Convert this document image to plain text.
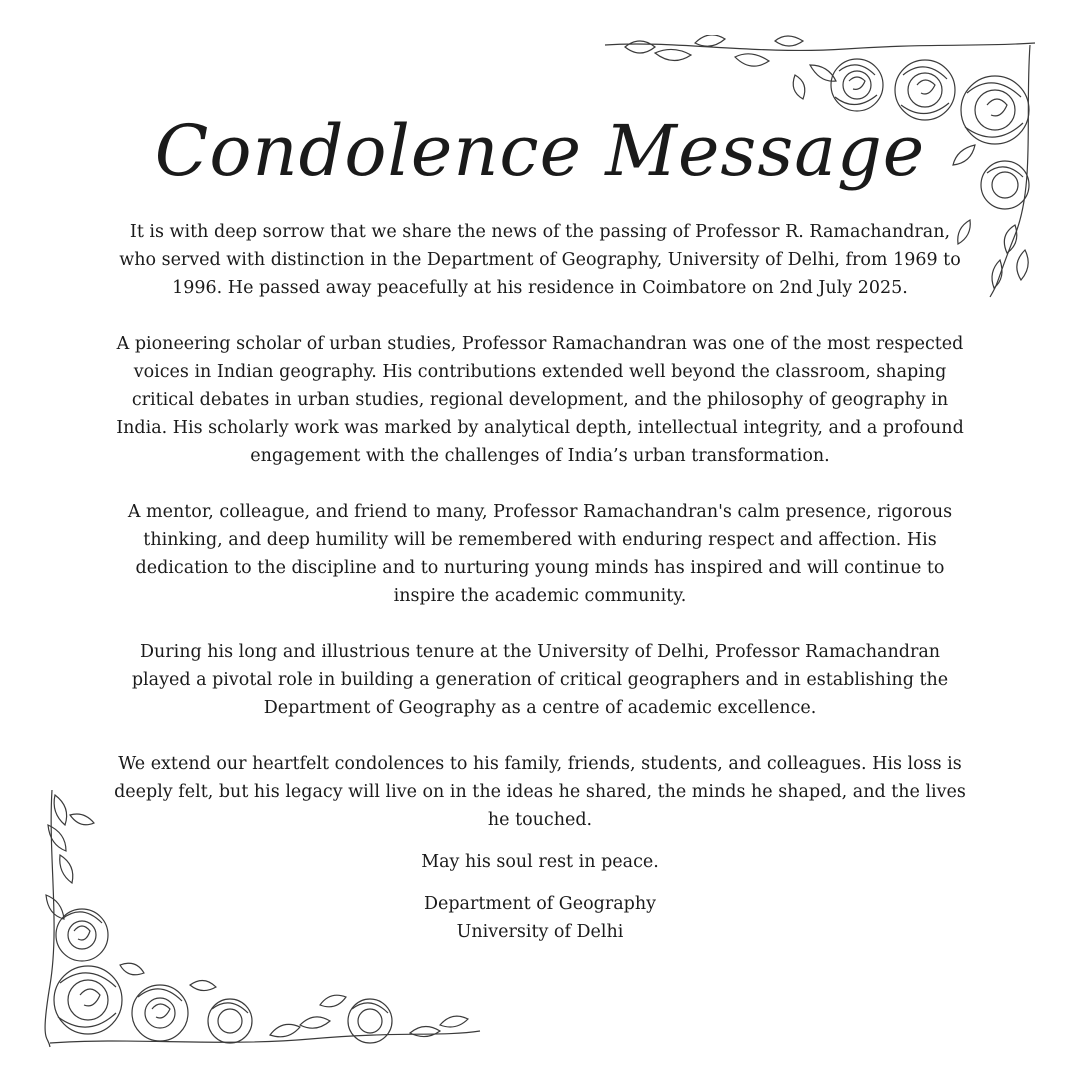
Condolence Message

It is with deep sorrow that we share the news of the passing of Professor R. Ramachandran, who served with distinction in the Department of Geography, University of Delhi, from 1969 to 1996. He passed away peacefully at his residence in Coimbatore on 2nd July 2025.

A pioneering scholar of urban studies, Professor Ramachandran was one of the most respected voices in Indian geography. His contributions extended well beyond the classroom, shaping critical debates in urban studies, regional development, and the philosophy of geography in India. His scholarly work was marked by analytical depth, intellectual integrity, and a profound engagement with the challenges of India’s urban transformation.

A mentor, colleague, and friend to many, Professor Ramachandran's calm presence, rigorous thinking, and deep humility will be remembered with enduring respect and affection. His dedication to the discipline and to nurturing young minds has inspired and will continue to inspire the academic community.

During his long and illustrious tenure at the University of Delhi, Professor Ramachandran played a pivotal role in building a generation of critical geographers and in establishing the Department of Geography as a centre of academic excellence.

We extend our heartfelt condolences to his family, friends, students, and colleagues. His loss is deeply felt, but his legacy will live on in the ideas he shared, the minds he shaped, and the lives he touched.

May his soul rest in peace.

Department of Geography

University of Delhi
